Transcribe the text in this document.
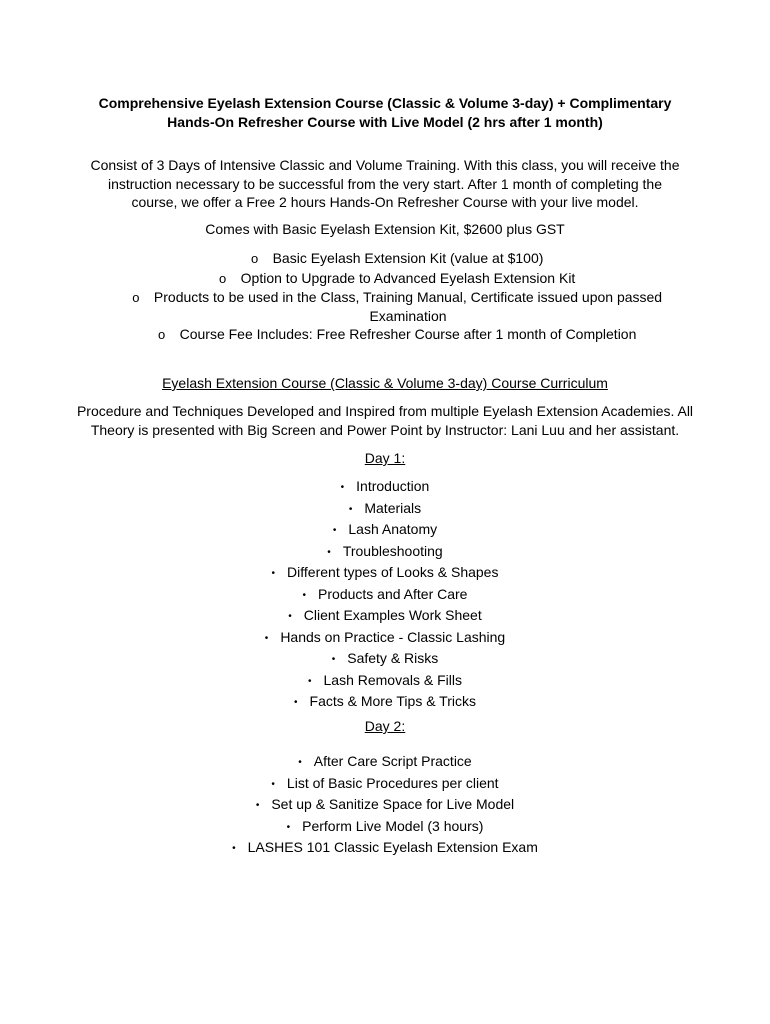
Comprehensive Eyelash Extension Course (Classic & Volume 3-day) + Complimentary
Hands-On Refresher Course with Live Model (2 hrs after 1 month)
Consist of 3 Days of Intensive Classic and Volume Training. With this class, you will receive the
instruction necessary to be successful from the very start. After 1 month of completing the
course, we offer a Free 2 hours Hands-On Refresher Course with your live model.
Comes with Basic Eyelash Extension Kit, $2600 plus GST
o	Basic Eyelash Extension Kit (value at $100)
o	Option to Upgrade to Advanced Eyelash Extension Kit
o	Products to be used in the Class, Training Manual, Certificate issued upon passed
Examination
o	Course Fee Includes: Free Refresher Course after 1 month of Completion
Eyelash Extension Course (Classic & Volume 3-day) Course Curriculum
Procedure and Techniques Developed and Inspired from multiple Eyelash Extension Academies. All
Theory is presented with Big Screen and Power Point by Instructor: Lani Luu and her assistant.
Day 1:
• Introduction
• Materials
• Lash Anatomy
• Troubleshooting
• Different types of Looks & Shapes
• Products and After Care
• Client Examples Work Sheet
• Hands on Practice - Classic Lashing
• Safety & Risks
• Lash Removals & Fills
• Facts & More Tips & Tricks
Day 2:
• After Care Script Practice
• List of Basic Procedures per client
• Set up & Sanitize Space for Live Model
• Perform Live Model (3 hours)
• LASHES 101 Classic Eyelash Extension Exam
